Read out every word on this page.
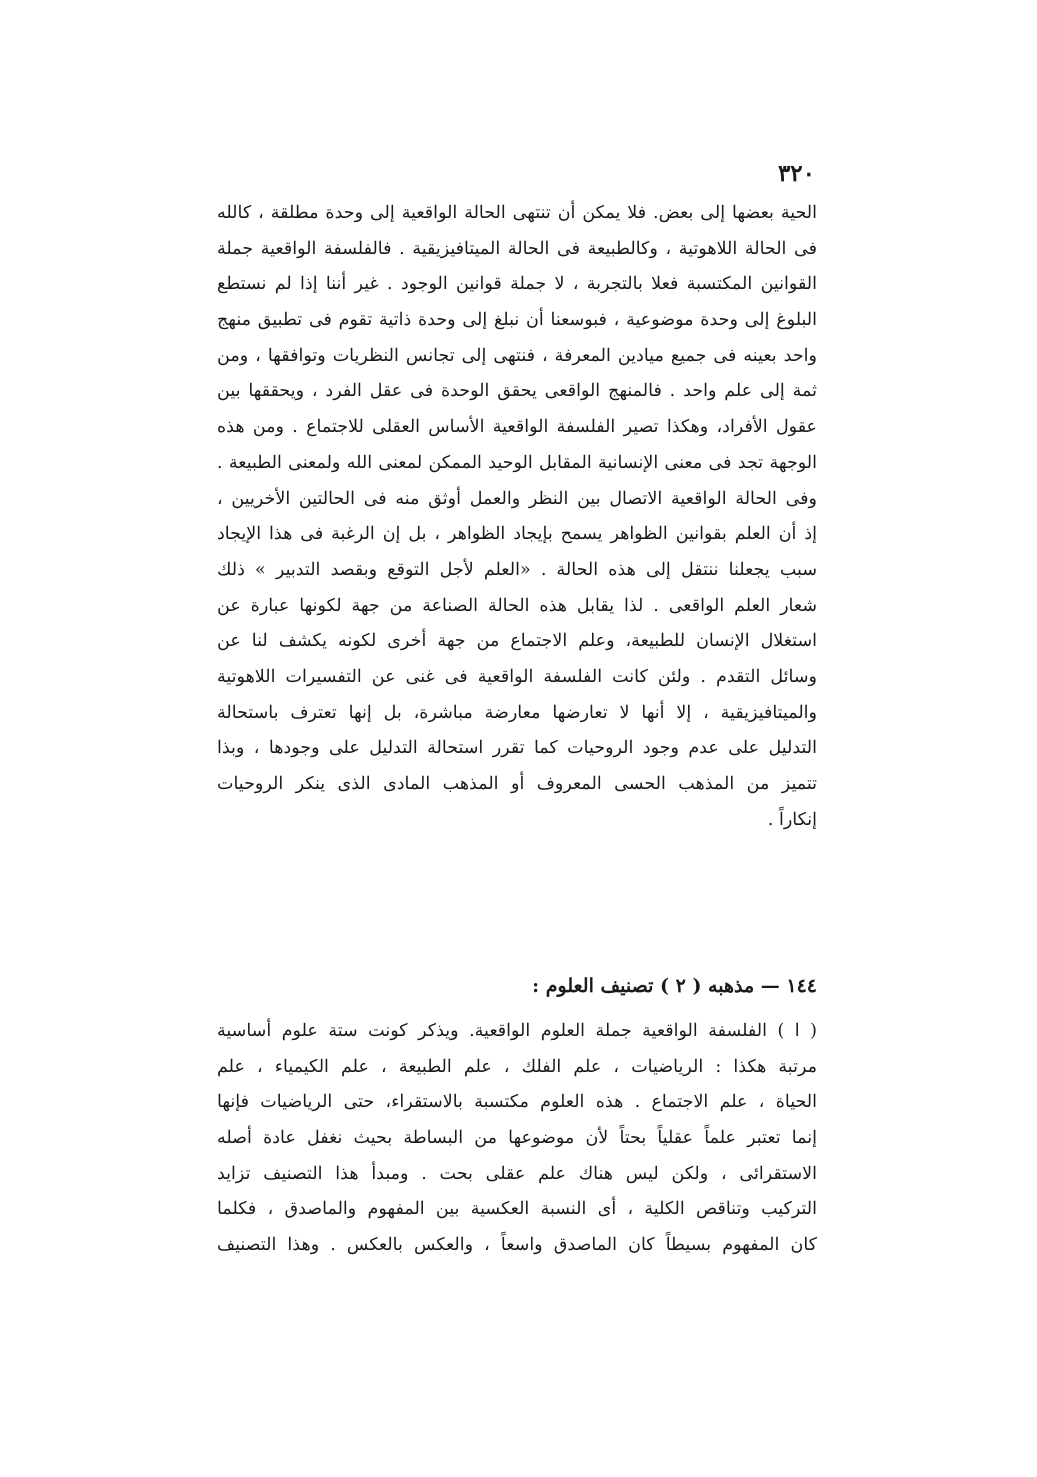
٣٢٠
الحية بعضها إلى بعض. فلا يمكن أن تنتهى الحالة الواقعية إلى وحدة مطلقة ، كالله
فى الحالة اللاهوتية ، وكالطبيعة فى الحالة الميتافيزيقية . فالفلسفة الواقعية جملة
القوانين المكتسبة فعلا بالتجربة ، لا جملة قوانين الوجود . غير أننا إذا لم نستطع
البلوغ إلى وحدة موضوعية ، فبوسعنا أن نبلغ إلى وحدة ذاتية تقوم فى تطبيق منهج
واحد بعينه فى جميع ميادين المعرفة ، فنتهى إلى تجانس النظريات وتوافقها ، ومن
ثمة إلى علم واحد . فالمنهج الواقعى يحقق الوحدة فى عقل الفرد ، ويحققها بين
عقول الأفراد، وهكذا تصير الفلسفة الواقعية الأساس العقلى للاجتماع . ومن هذه
الوجهة تجد فى معنى الإنسانية المقابل الوحيد الممكن لمعنى الله ولمعنى الطبيعة .
وفى الحالة الواقعية الاتصال بين النظر والعمل أوثق منه فى الحالتين الأخريين ،
إذ أن العلم بقوانين الظواهر يسمح بإيجاد الظواهر ، بل إن الرغبة فى هذا الإيجاد
سبب يجعلنا ننتقل إلى هذه الحالة . «العلم لأجل التوقع وبقصد التدبير » ذلك
شعار العلم الواقعى . لذا يقابل هذه الحالة الصناعة من جهة لكونها عبارة عن
استغلال الإنسان للطبيعة، وعلم الاجتماع من جهة أخرى لكونه يكشف لنا عن
وسائل التقدم . ولئن كانت الفلسفة الواقعية فى غنى عن التفسيرات اللاهوتية
والميتافيزيقية ، إلا أنها لا تعارضها معارضة مباشرة، بل إنها تعترف باستحالة
التدليل على عدم وجود الروحيات كما تقرر استحالة التدليل على وجودها ، وبذا
تتميز من المذهب الحسى المعروف أو المذهب المادى الذى ينكر الروحيات
إنكاراً .
١٤٤ — مذهبه ( ٢ ) تصنيف العلوم :
( ا ) الفلسفة الواقعية جملة العلوم الواقعية. ويذكر كونت ستة علوم أساسية
مرتبة هكذا : الرياضيات ، علم الفلك ، علم الطبيعة ، علم الكيمياء ، علم
الحياة ، علم الاجتماع . هذه العلوم مكتسبة بالاستقراء، حتى الرياضيات فإنها
إنما تعتبر علماً عقلياً بحتاً لأن موضوعها من البساطة بحيث نغفل عادة أصله
الاستقرائى ، ولكن ليس هناك علم عقلى بحت . ومبدأ هذا التصنيف تزايد
التركيب وتناقص الكلية ، أى النسبة العكسية بين المفهوم والماصدق ، فكلما
كان المفهوم بسيطاً كان الماصدق واسعاً ، والعكس بالعكس . وهذا التصنيف
